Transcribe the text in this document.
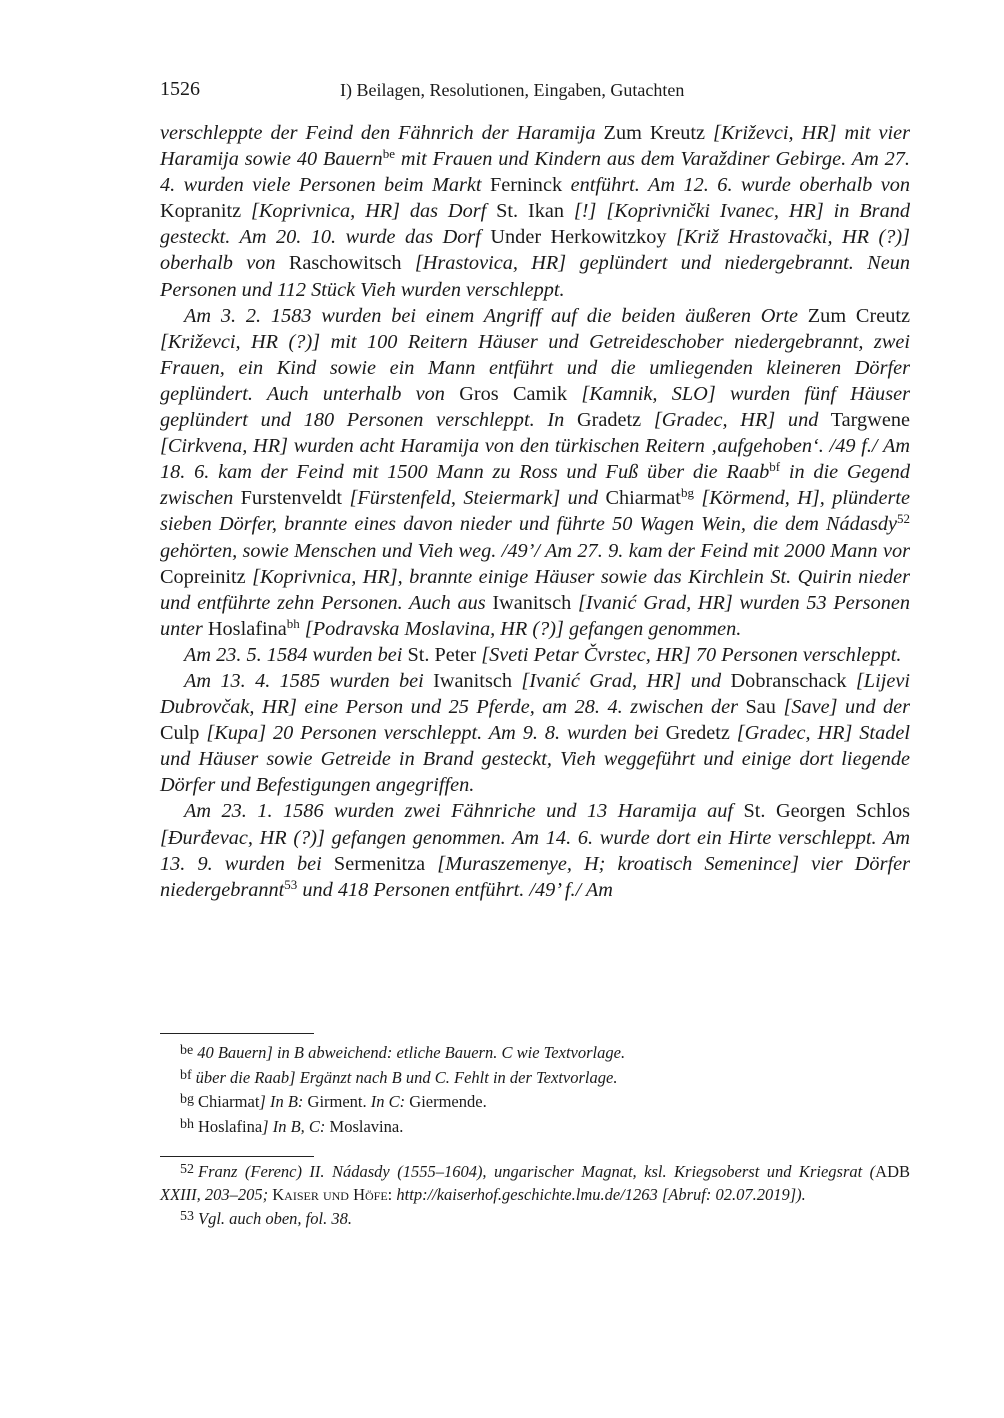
1526	I) Beilagen, Resolutionen, Eingaben, Gutachten

verschleppte der Feind den Fähnrich der Haramija Zum Kreutz [Križevci, HR] mit vier Haramija sowie 40 Bauern$^{be}$ mit Frauen und Kindern aus dem Varaždiner Gebirge. Am 27. 4. wurden viele Personen beim Markt Ferninck entführt. Am 12. 6. wurde oberhalb von Kopranitz [Koprivnica, HR] das Dorf St. Ikan [!] [Koprivnički Ivanec, HR] in Brand gesteckt. Am 20. 10. wurde das Dorf Under Herkowitzkoy [Križ Hrastovački, HR (?)] oberhalb von Raschowitsch [Hrastovica, HR] geplündert und niedergebrannt. Neun Personen und 112 Stück Vieh wurden verschleppt.

Am 3. 2. 1583 wurden bei einem Angriff auf die beiden äußeren Orte Zum Creutz [Križevci, HR (?)] mit 100 Reitern Häuser und Getreideschober niedergebrannt, zwei Frauen, ein Kind sowie ein Mann entführt und die umliegenden kleineren Dörfer geplündert. Auch unterhalb von Gros Camik [Kamnik, SLO] wurden fünf Häuser geplündert und 180 Personen verschleppt. In Gradetz [Gradec, HR] und Targwene [Cirkvena, HR] wurden acht Haramija von den türkischen Reitern ‚aufgehoben‘. /49 f./ Am 18. 6. kam der Feind mit 1500 Mann zu Ross und Fuß über die Raab$^{bf}$ in die Gegend zwischen Furstenveldt [Fürstenfeld, Steiermark] und Chiarmat$^{bg}$ [Körmend, H], plünderte sieben Dörfer, brannte eines davon nieder und führte 50 Wagen Wein, die dem Nádasdy$^{52}$ gehörten, sowie Menschen und Vieh weg. /49’/ Am 27. 9. kam der Feind mit 2000 Mann vor Copreinitz [Koprivnica, HR], brannte einige Häuser sowie das Kirchlein St. Quirin nieder und entführte zehn Personen. Auch aus Iwanitsch [Ivanić Grad, HR] wurden 53 Personen unter Hoslafina$^{bh}$ [Podravska Moslavina, HR (?)] gefangen genommen.

Am 23. 5. 1584 wurden bei St. Peter [Sveti Petar Čvrstec, HR] 70 Personen verschleppt.

Am 13. 4. 1585 wurden bei Iwanitsch [Ivanić Grad, HR] und Dobranschack [Lijevi Dubrovčak, HR] eine Person und 25 Pferde, am 28. 4. zwischen der Sau [Save] und der Culp [Kupa] 20 Personen verschleppt. Am 9. 8. wurden bei Gredetz [Gradec, HR] Stadel und Häuser sowie Getreide in Brand gesteckt, Vieh weggeführt und einige dort liegende Dörfer und Befestigungen angegriffen.

Am 23. 1. 1586 wurden zwei Fähnriche und 13 Haramija auf St. Georgen Schlos [Đurđevac, HR (?)] gefangen genommen. Am 14. 6. wurde dort ein Hirte verschleppt. Am 13. 9. wurden bei Sermenitza [Muraszemenye, H; kroatisch Semenince] vier Dörfer niedergebrannt$^{53}$ und 418 Personen entführt. /49’ f./ Am

$^{be}$ 40 Bauern] in B abweichend: etliche Bauern. C wie Textvorlage.

$^{bf}$ über die Raab] Ergänzt nach B und C. Fehlt in der Textvorlage.

$^{bg}$ Chiarmat] In B: Girment. In C: Giermende.

$^{bh}$ Hoslafina] In B, C: Moslavina.

$^{52}$ Franz (Ferenc) II. Nádasdy (1555–1604), ungarischer Magnat, ksl. Kriegsoberst und Kriegsrat (ADB XXIII, 203–205; Kaiser und Höfe: http://kaiserhof.geschichte.lmu.de/1263 [Abruf: 02.07.2019]).

$^{53}$ Vgl. auch oben, fol. 38.
